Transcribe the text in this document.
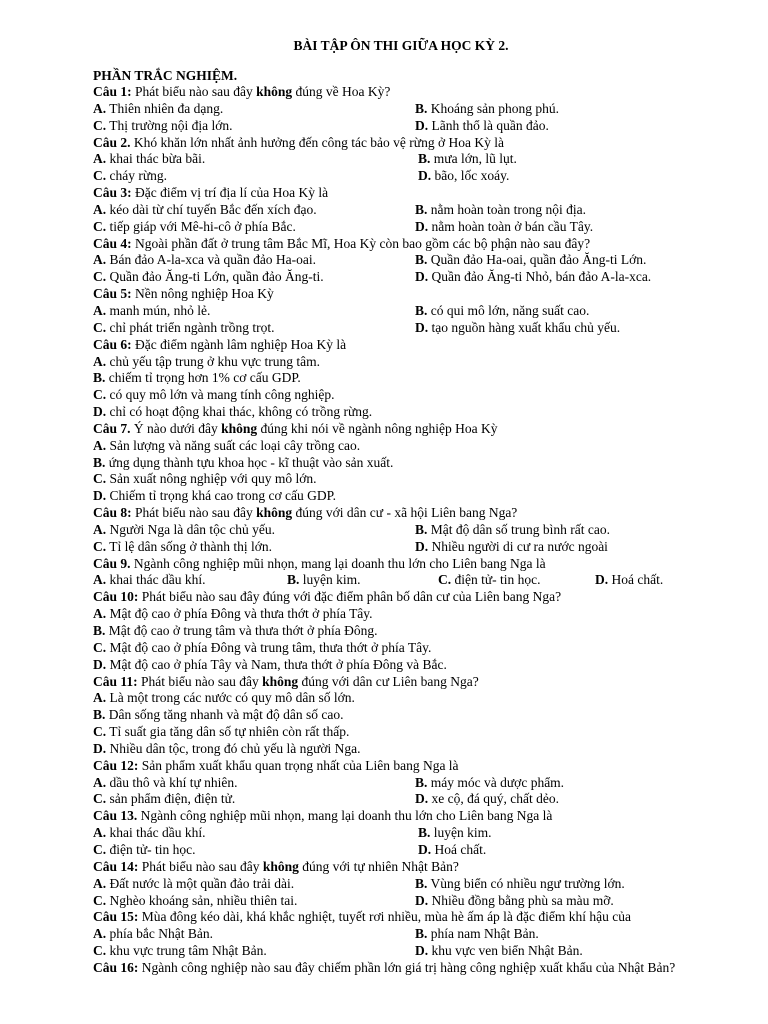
BÀI TẬP ÔN THI GIỮA HỌC KỲ 2.
PHẦN TRẮC NGHIỆM.
Câu 1: Phát biểu nào sau đây không đúng về Hoa Kỳ?
A. Thiên nhiên đa dạng.	B. Khoáng sản phong phú.
C. Thị trường nội địa lớn.	D. Lãnh thổ là quần đảo.
Câu 2. Khó khăn lớn nhất ảnh hưởng đến công tác bảo vệ rừng ở Hoa Kỳ là
A. khai thác bừa bãi.	B. mưa lớn, lũ lụt.
C. cháy rừng.	D. bão, lốc xoáy.
Câu 3: Đặc điểm vị trí địa lí của Hoa Kỳ là
A. kéo dài từ chí tuyến Bắc đến xích đạo.	B. nằm hoàn toàn trong nội địa.
C. tiếp giáp với Mê-hi-cô ở phía Bắc.	D. nằm hoàn toàn ở bán cầu Tây.
Câu 4: Ngoài phần đất ở trung tâm Bắc Mĩ, Hoa Kỳ còn bao gồm các bộ phận nào sau đây?
A. Bán đảo A-la-xca và quần đảo Ha-oai.	B. Quần đảo Ha-oai, quần đảo Ăng-ti Lớn.
C. Quần đảo Ăng-ti Lớn, quần đảo Ăng-ti.	D. Quần đảo Ăng-ti Nhỏ, bán đảo A-la-xca.
Câu 5: Nền nông nghiệp Hoa Kỳ
A. manh mún, nhỏ lẻ.	B. có qui mô lớn, năng suất cao.
C. chỉ phát triển ngành trồng trọt.	D. tạo nguồn hàng xuất khẩu chủ yếu.
Câu 6: Đặc điểm ngành lâm nghiệp Hoa Kỳ là
A. chủ yếu tập trung ở khu vực trung tâm.
B. chiếm tỉ trọng hơn 1% cơ cấu GDP.
C. có quy mô lớn và mang tính công nghiệp.
D. chỉ có hoạt động khai thác, không có trồng rừng.
Câu 7. Ý nào dưới đây không đúng khi nói về ngành nông nghiệp Hoa Kỳ
A. Sản lượng và năng suất các loại cây trồng cao.
B. ứng dụng thành tựu khoa học - kĩ thuật vào sản xuất.
C. Sản xuất nông nghiệp với quy mô lớn.
D. Chiếm tỉ trọng khá cao trong cơ cấu GDP.
Câu 8: Phát biểu nào sau đây không đúng với dân cư - xã hội Liên bang Nga?
A. Người Nga là dân tộc chủ yếu.	B. Mật độ dân số trung bình rất cao.
C. Tỉ lệ dân sống ở thành thị lớn.	D. Nhiều người di cư ra nước ngoài
Câu 9. Ngành công nghiệp mũi nhọn, mang lại doanh thu lớn cho Liên bang Nga là
A. khai thác dầu khí.	B. luyện kim.	C. điện tử- tin học.	D. Hoá chất.
Câu 10: Phát biểu nào sau đây đúng với đặc điểm phân bố dân cư của Liên bang Nga?
A. Mật độ cao ở phía Đông và thưa thớt ở phía Tây.
B. Mật độ cao ở trung tâm và thưa thớt ở phía Đông.
C. Mật độ cao ở phía Đông và trung tâm, thưa thớt ở phía Tây.
D. Mật độ cao ở phía Tây và Nam, thưa thớt ở phía Đông và Bắc.
Câu 11: Phát biểu nào sau đây không đúng với dân cư Liên bang Nga?
A. Là một trong các nước có quy mô dân số lớn.
B. Dân sống tăng nhanh và mật độ dân số cao.
C. Tỉ suất gia tăng dân số tự nhiên còn rất thấp.
D. Nhiều dân tộc, trong đó chủ yếu là người Nga.
Câu 12: Sản phẩm xuất khẩu quan trọng nhất của Liên bang Nga là
A. dầu thô và khí tự nhiên.	B. máy móc và dược phẩm.
C. sản phẩm điện, điện tử.	D. xe cộ, đá quý, chất dẻo.
Câu 13. Ngành công nghiệp mũi nhọn, mang lại doanh thu lớn cho Liên bang Nga là
A. khai thác dầu khí.	B. luyện kim.
C. điện tử- tin học.	D. Hoá chất.
Câu 14: Phát biểu nào sau đây không đúng với tự nhiên Nhật Bản?
A. Đất nước là một quần đảo trải dài.	B. Vùng biển có nhiều ngư trường lớn.
C. Nghèo khoáng sản, nhiều thiên tai.	D. Nhiều đồng bằng phù sa màu mỡ.
Câu 15: Mùa đông kéo dài, khá khắc nghiệt, tuyết rơi nhiều, mùa hè ấm áp là đặc điểm khí hậu của
A. phía bắc Nhật Bản.	B. phía nam Nhật Bản.
C. khu vực trung tâm Nhật Bản.	D. khu vực ven biển Nhật Bản.
Câu 16: Ngành công nghiệp nào sau đây chiếm phần lớn giá trị hàng công nghiệp xuất khẩu của Nhật Bản?
